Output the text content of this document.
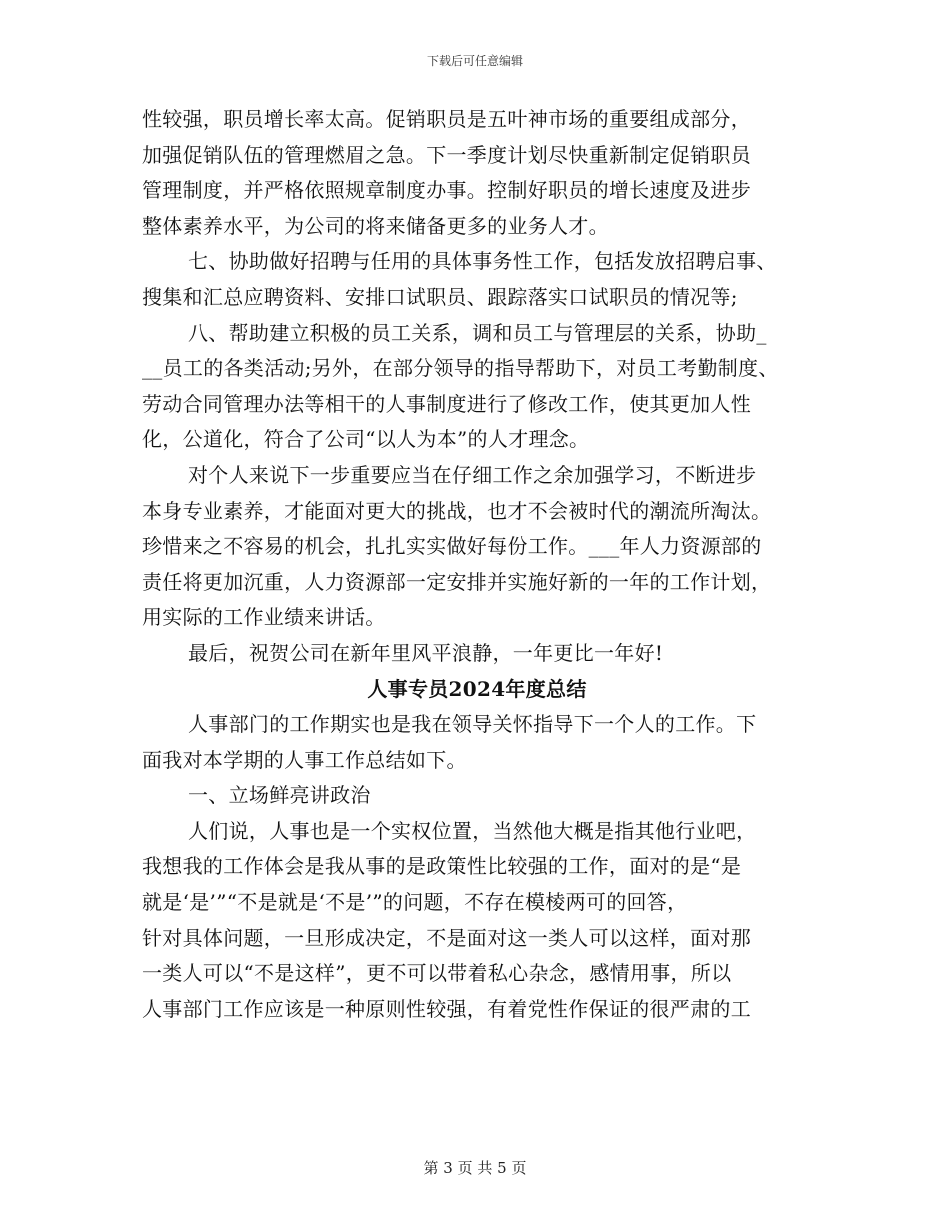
下载后可任意编辑
性较强，职员增长率太高。促销职员是五叶神市场的重要组成部分，
加强促销队伍的管理燃眉之急。下一季度计划尽快重新制定促销职员
管理制度，并严格依照规章制度办事。控制好职员的增长速度及进步
整体素养水平，为公司的将来储备更多的业务人才。
七、协助做好招聘与任用的具体事务性工作，包括发放招聘启事、
搜集和汇总应聘资料、安排口试职员、跟踪落实口试职员的情况等;
八、帮助建立积极的员工关系，调和员工与管理层的关系，协助_
__员工的各类活动;另外，在部分领导的指导帮助下，对员工考勤制度、
劳动合同管理办法等相干的人事制度进行了修改工作，使其更加人性
化，公道化，符合了公司“以人为本”的人才理念。
对个人来说下一步重要应当在仔细工作之余加强学习，不断进步
本身专业素养，才能面对更大的挑战，也才不会被时代的潮流所淘汰。
珍惜来之不容易的机会，扎扎实实做好每份工作。___年人力资源部的
责任将更加沉重，人力资源部一定安排并实施好新的一年的工作计划，
用实际的工作业绩来讲话。
最后，祝贺公司在新年里风平浪静，一年更比一年好!
人事专员2024年度总结
人事部门的工作期实也是我在领导关怀指导下一个人的工作。下
面我对本学期的人事工作总结如下。
一、立场鲜亮讲政治
人们说，人事也是一个实权位置，当然他大概是指其他行业吧，
我想我的工作体会是我从事的是政策性比较强的工作，面对的是“是
就是‘是’”“不是就是‘不是’”的问题，不存在模棱两可的回答，
针对具体问题，一旦形成决定，不是面对这一类人可以这样，面对那
一类人可以“不是这样”，更不可以带着私心杂念，感情用事，所以
人事部门工作应该是一种原则性较强，有着党性作保证的很严肃的工
第 3 页 共 5 页
